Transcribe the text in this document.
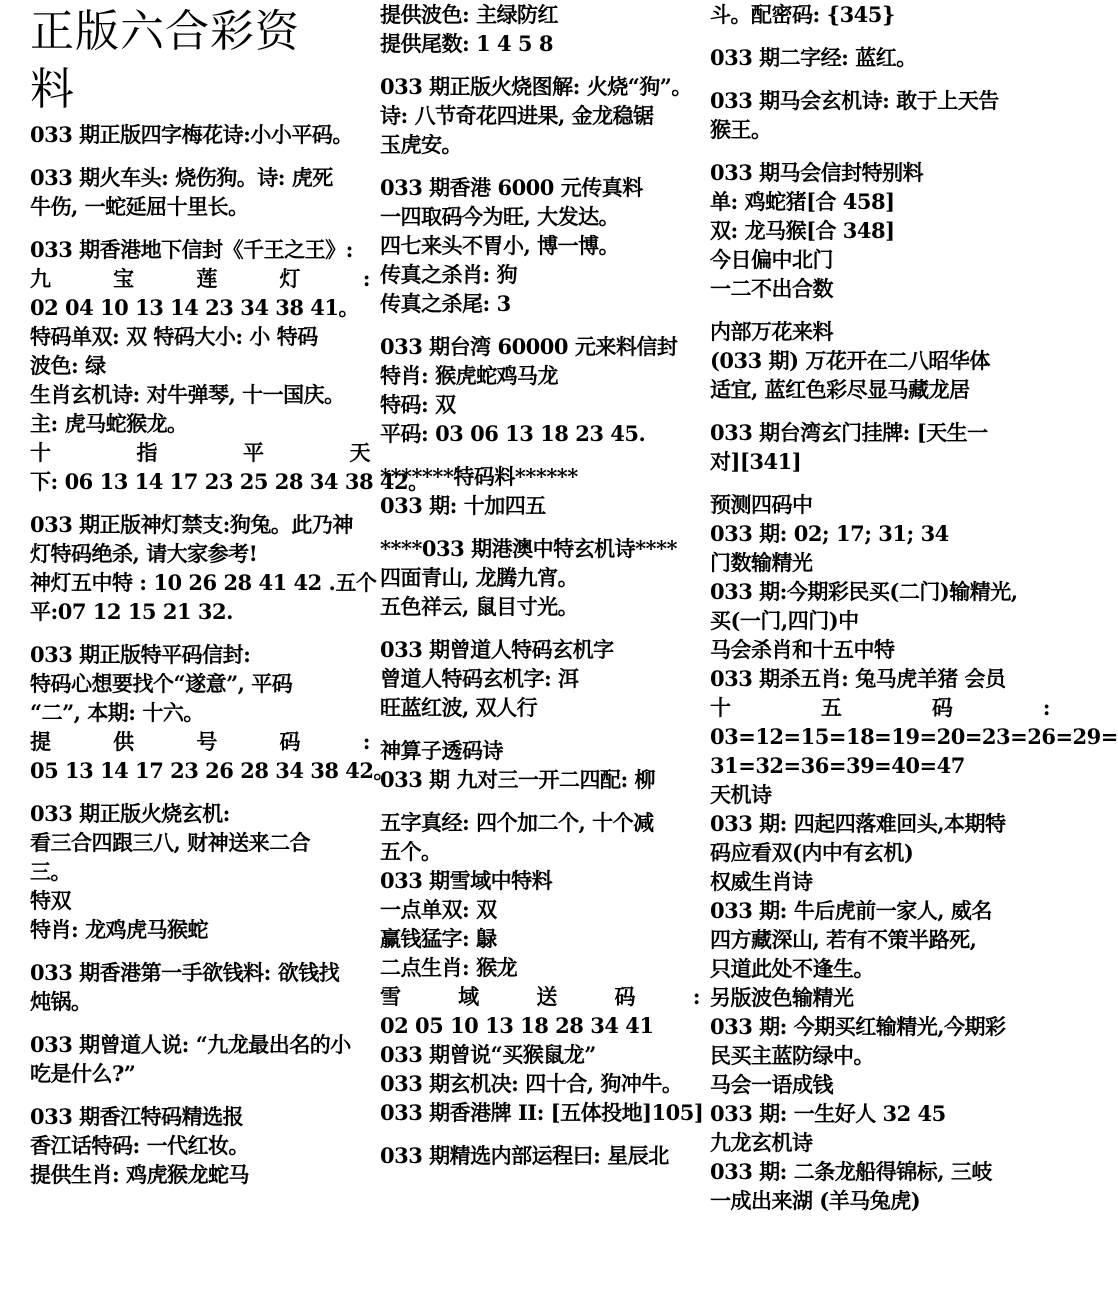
正版六合彩资
料
033 期正版四字梅花诗:小小平码。
033 期火车头: 烧伤狗。诗: 虎死
牛伤, 一蛇延屈十里长。
033 期香港地下信封《千王之王》:
九 宝 莲 灯 :
02 04 10 13 14 23 34 38 41。
特码单双: 双 特码大小: 小 特码
波色: 绿
生肖玄机诗: 对牛弹琴, 十一国庆。
主: 虎马蛇猴龙。
十 指 平 天
下: 06 13 14 17 23 25 28 34 38 42。
033 期正版神灯禁支:狗兔。此乃神
灯特码绝杀, 请大家参考!
神灯五中特 : 10 26 28 41 42 .五个
平:07 12 15 21 32.
033 期正版特平码信封:
特码心想要找个“遂意”, 平码
“二”, 本期: 十六。
提 供 号 码 :
05 13 14 17 23 26 28 34 38 42。
033 期正版火烧玄机:
看三合四跟三八, 财神送来二合
三。
特双
特肖: 龙鸡虎马猴蛇
033 期香港第一手欲钱料: 欲钱找
炖锅。
033 期曾道人说: “九龙最出名的小
吃是什么?”
033 期香江特码精选报
香江话特码: 一代红妆。
提供生肖: 鸡虎猴龙蛇马
提供波色: 主绿防红
提供尾数: 1 4 5 8
033 期正版火烧图解: 火烧“狗”。
诗: 八节奇花四进果, 金龙稳锯
玉虎安。
033 期香港 6000 元传真料
一四取码今为旺, 大发达。
四七来头不胃小, 博一博。
传真之杀肖: 狗
传真之杀尾: 3
033 期台湾 60000 元来料信封
特肖: 猴虎蛇鸡马龙
特码: 双
平码: 03 06 13 18 23 45.
*******特码料******
033 期: 十加四五
****033 期港澳中特玄机诗****
四面青山, 龙腾九宵。
五色祥云, 鼠目寸光。
033 期曾道人特码玄机字
曾道人特码玄机字: 洱
旺蓝红波, 双人行
神算子透码诗
033 期 九对三一开二四配: 柳
五字真经: 四个加二个, 十个减
五个。
033 期雪域中特料
一点单双: 双
赢钱猛字: 鵦
二点生肖: 猴龙
雪 域 送 码 :
02 05 10 13 18 28 34 41
033 期曾说“买猴鼠龙”
033 期玄机决: 四十合, 狗冲牛。
033 期香港牌 II: [五体投地]105]
033 期精选内部运程曰: 星辰北
斗。配密码: {345}
033 期二字经: 蓝红。
033 期马会玄机诗: 敢于上天告
猴王。
033 期马会信封特别料
单: 鸡蛇猪[合 458]
双: 龙马猴[合 348]
今日偏中北门
一二不出合数
内部万花来料
(033 期) 万花开在二八昭华体
适宜, 蓝红色彩尽显马藏龙居
033 期台湾玄门挂牌: [天生一
对][341]
预测四码中
033 期: 02; 17; 31; 34
门数输精光
033 期:今期彩民买(二门)输精光,
买(一门,四门)中
马会杀肖和十五中特
033 期杀五肖: 兔马虎羊猪 会员
十 五 码 :
03=12=15=18=19=20=23=26=29=
31=32=36=39=40=47
天机诗
033 期: 四起四落难回头,本期特
码应看双(内中有玄机)
权威生肖诗
033 期: 牛后虎前一家人, 威名
四方藏深山, 若有不策半路死,
只道此处不逢生。
另版波色输精光
033 期: 今期买红输精光,今期彩
民买主蓝防绿中。
马会一语成钱
033 期: 一生好人 32 45
九龙玄机诗
033 期: 二条龙船得锦标, 三岐
一成出来湖 (羊马兔虎)
